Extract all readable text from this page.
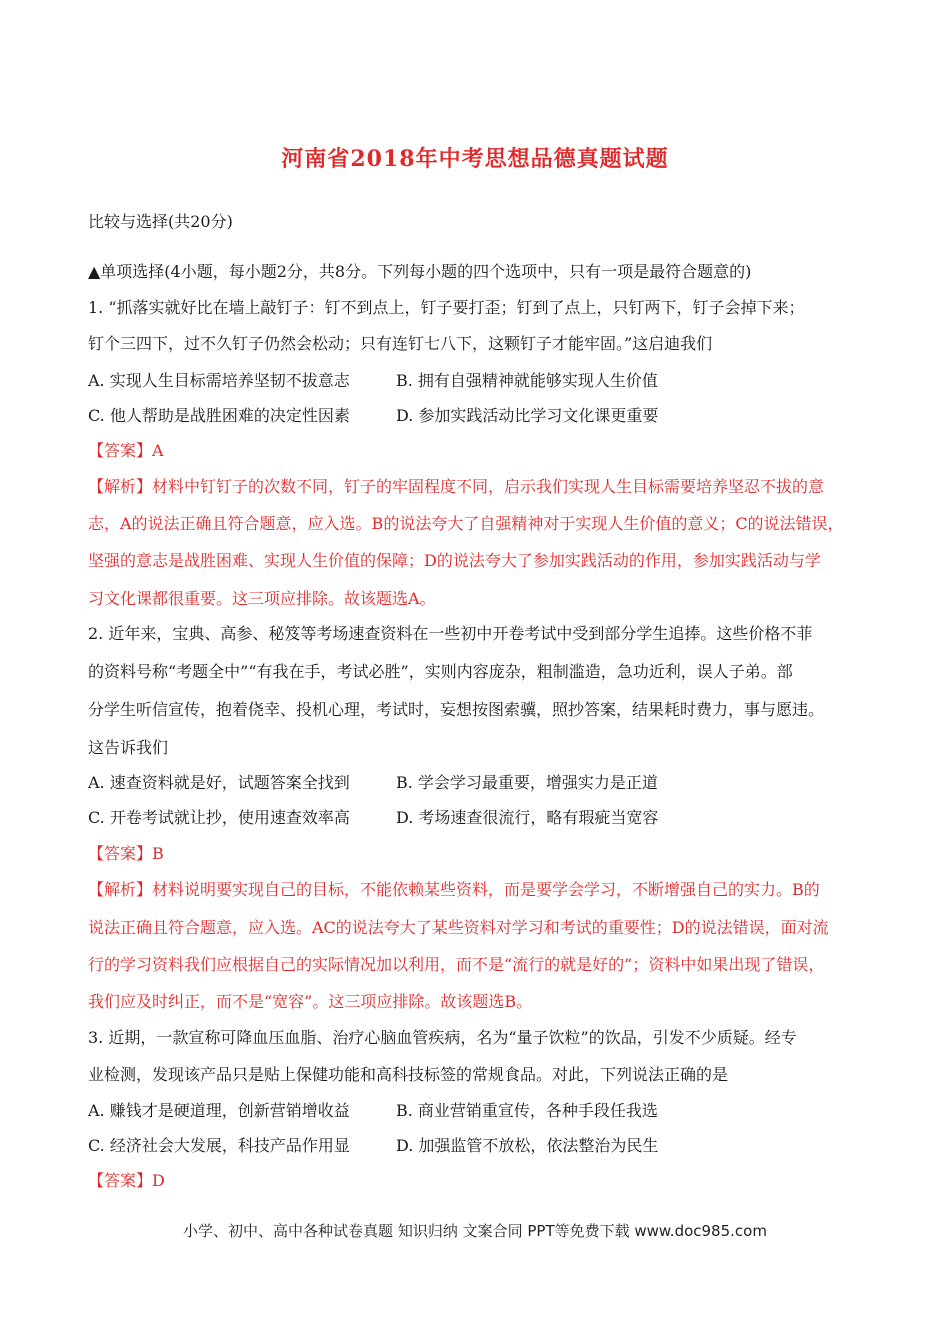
河南省2018年中考思想品德真题试题
比较与选择(共20分)
▲单项选择(4小题，每小题2分，共8分。下列每小题的四个选项中，只有一项是最符合题意的)
1. “抓落实就好比在墙上敲钉子：钉不到点上，钉子要打歪；钉到了点上，只钉两下，钉子会掉下来；
钉个三四下，过不久钉子仍然会松动；只有连钉七八下，这颗钉子才能牢固。”这启迪我们
A. 实现人生目标需培养坚韧不拔意志	B. 拥有自强精神就能够实现人生价值
C. 他人帮助是战胜困难的决定性因素	D. 参加实践活动比学习文化课更重要
【答案】A
【解析】材料中钉钉子的次数不同，钉子的牢固程度不同，启示我们实现人生目标需要培养坚忍不拔的意
志，A的说法正确且符合题意，应入选。B的说法夸大了自强精神对于实现人生价值的意义；C的说法错误，
坚强的意志是战胜困难、实现人生价值的保障；D的说法夸大了参加实践活动的作用，参加实践活动与学
习文化课都很重要。这三项应排除。故该题选A。
2. 近年来，宝典、高参、秘笈等考场速查资料在一些初中开卷考试中受到部分学生追捧。这些价格不菲
的资料号称“考题全中”“有我在手，考试必胜”，实则内容庞杂，粗制滥造，急功近利，误人子弟。部
分学生听信宣传，抱着侥幸、投机心理，考试时，妄想按图索骥，照抄答案，结果耗时费力，事与愿违。
这告诉我们
A. 速查资料就是好，试题答案全找到	B. 学会学习最重要，增强实力是正道
C. 开卷考试就让抄，使用速查效率高	D. 考场速查很流行，略有瑕疵当宽容
【答案】B
【解析】材料说明要实现自己的目标，不能依赖某些资料，而是要学会学习，不断增强自己的实力。B的
说法正确且符合题意，应入选。AC的说法夸大了某些资料对学习和考试的重要性；D的说法错误，面对流
行的学习资料我们应根据自己的实际情况加以利用，而不是“流行的就是好的”；资料中如果出现了错误，
我们应及时纠正，而不是“宽容”。这三项应排除。故该题选B。
3. 近期，一款宣称可降血压血脂、治疗心脑血管疾病，名为“量子饮粒”的饮品，引发不少质疑。经专
业检测，发现该产品只是贴上保健功能和高科技标签的常规食品。对此，下列说法正确的是
A. 赚钱才是硬道理，创新营销增收益	B. 商业营销重宣传，各种手段任我选
C. 经济社会大发展，科技产品作用显	D. 加强监管不放松，依法整治为民生
【答案】D
小学、初中、高中各种试卷真题 知识归纳 文案合同 PPT等免费下载 www.doc985.com
